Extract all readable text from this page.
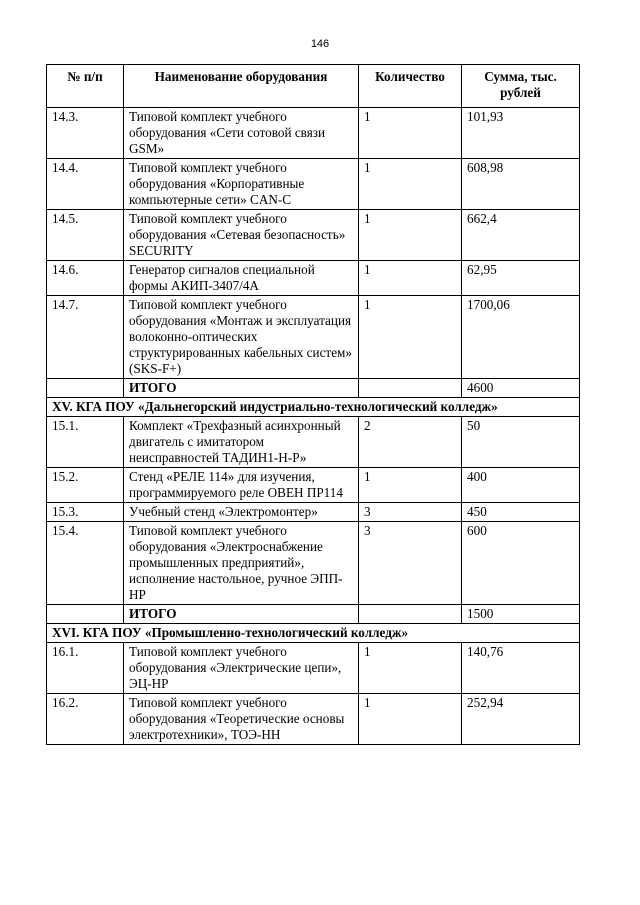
146
№ п/п	Наименование оборудования	Количество	Сумма, тыс. рублей
14.3.	Типовой комплект учебного оборудования «Сети сотовой связи GSM»	1	101,93
14.4.	Типовой комплект учебного оборудования «Корпоративные компьютерные сети» CAN-C	1	608,98
14.5.	Типовой комплект учебного оборудования «Сетевая безопасность» SECURITY	1	662,4
14.6.	Генератор сигналов специальной формы АКИП-3407/4А	1	62,95
14.7.	Типовой комплект учебного оборудования «Монтаж и эксплуатация волоконно-оптических структурированных кабельных систем» (SKS-F+)	1	1700,06
	ИТОГО		4600
XV. КГА ПОУ «Дальнегорский индустриально-технологический колледж»			
15.1.	Комплект «Трехфазный асинхронный двигатель с имитатором неисправностей ТАДИН1-Н-Р»	2	50
15.2.	Стенд «РЕЛЕ 114» для изучения, программируемого реле ОВЕН ПР114	1	400
15.3.	Учебный стенд «Электромонтер»	3	450
15.4.	Типовой комплект учебного оборудования «Электроснабжение промышленных предприятий», исполнение настольное, ручное ЭПП-НР	3	600
	ИТОГО		1500
XVI. КГА ПОУ «Промышленно-технологический колледж»			
16.1.	Типовой комплект учебного оборудования «Электрические цепи», ЭЦ-НР	1	140,76
16.2.	Типовой комплект учебного оборудования «Теоретические основы электротехники», ТОЭ-НН	1	252,94
